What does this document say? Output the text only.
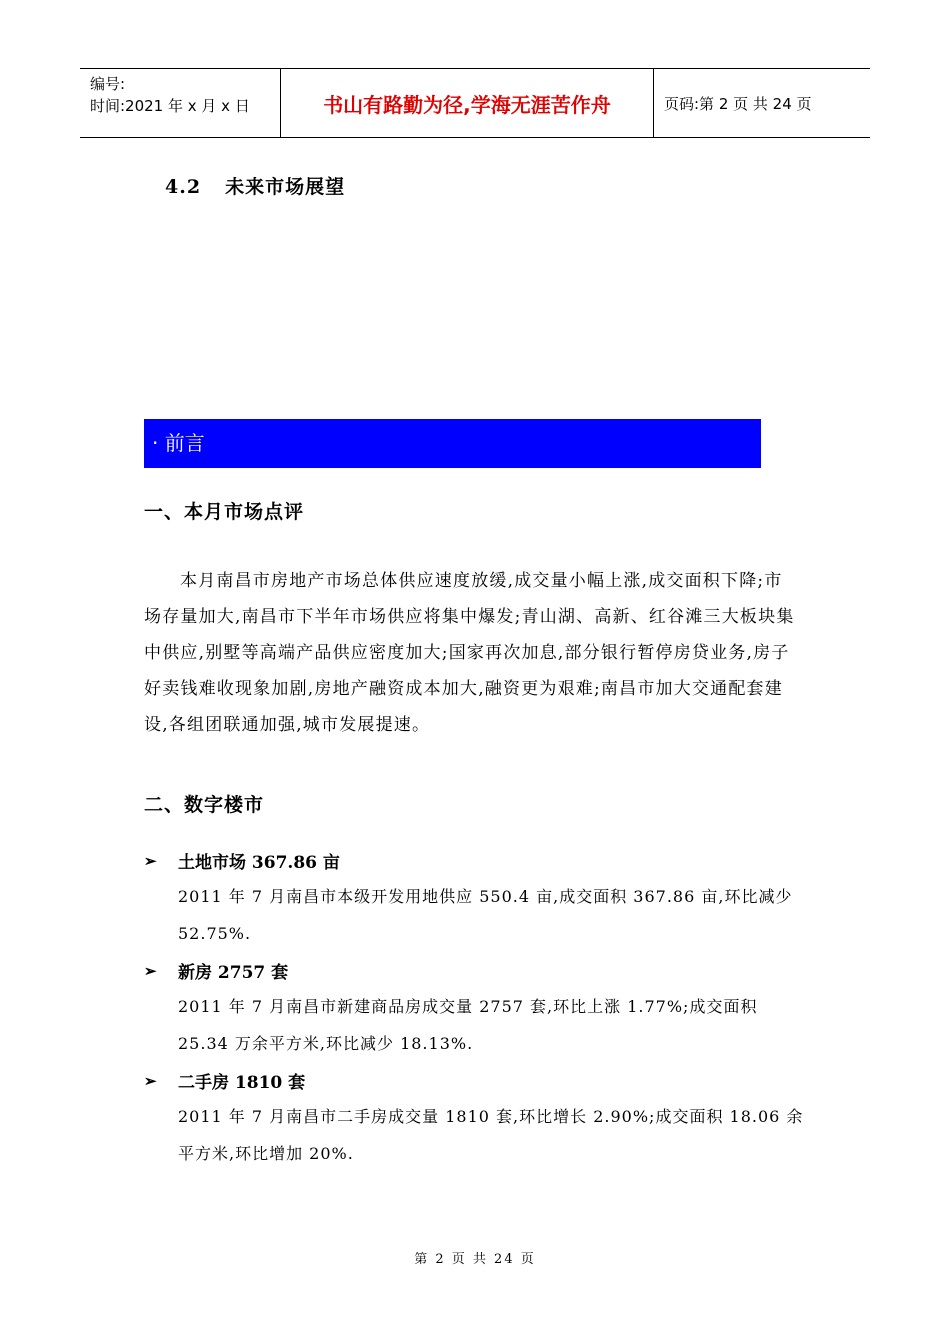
编号:
时间:2021 年 x 月 x 日	书山有路勤为径,学海无涯苦作舟	页码:第 2 页 共 24 页
4.2 未来市场展望
· 前言
一、本月市场点评

本月南昌市房地产市场总体供应速度放缓,成交量小幅上涨,成交面积下降;市场存量加大,南昌市下半年市场供应将集中爆发;青山湖、高新、红谷滩三大板块集中供应,别墅等高端产品供应密度加大;国家再次加息,部分银行暂停房贷业务,房子好卖钱难收现象加剧,房地产融资成本加大,融资更为艰难;南昌市加大交通配套建设,各组团联通加强,城市发展提速。

二、数字楼市
➢ 土地市场 367.86 亩

2011 年 7 月南昌市本级开发用地供应 550.4 亩,成交面积 367.86 亩,环比减少 52.75%.

➢ 新房 2757 套

2011 年 7 月南昌市新建商品房成交量 2757 套,环比上涨 1.77%;成交面积 25.34 万余平方米,环比减少 18.13%.

➢ 二手房 1810 套

2011 年 7 月南昌市二手房成交量 1810 套,环比增长 2.90%;成交面积 18.06 余平方米,环比增加 20%.

第 2 页 共 24 页
